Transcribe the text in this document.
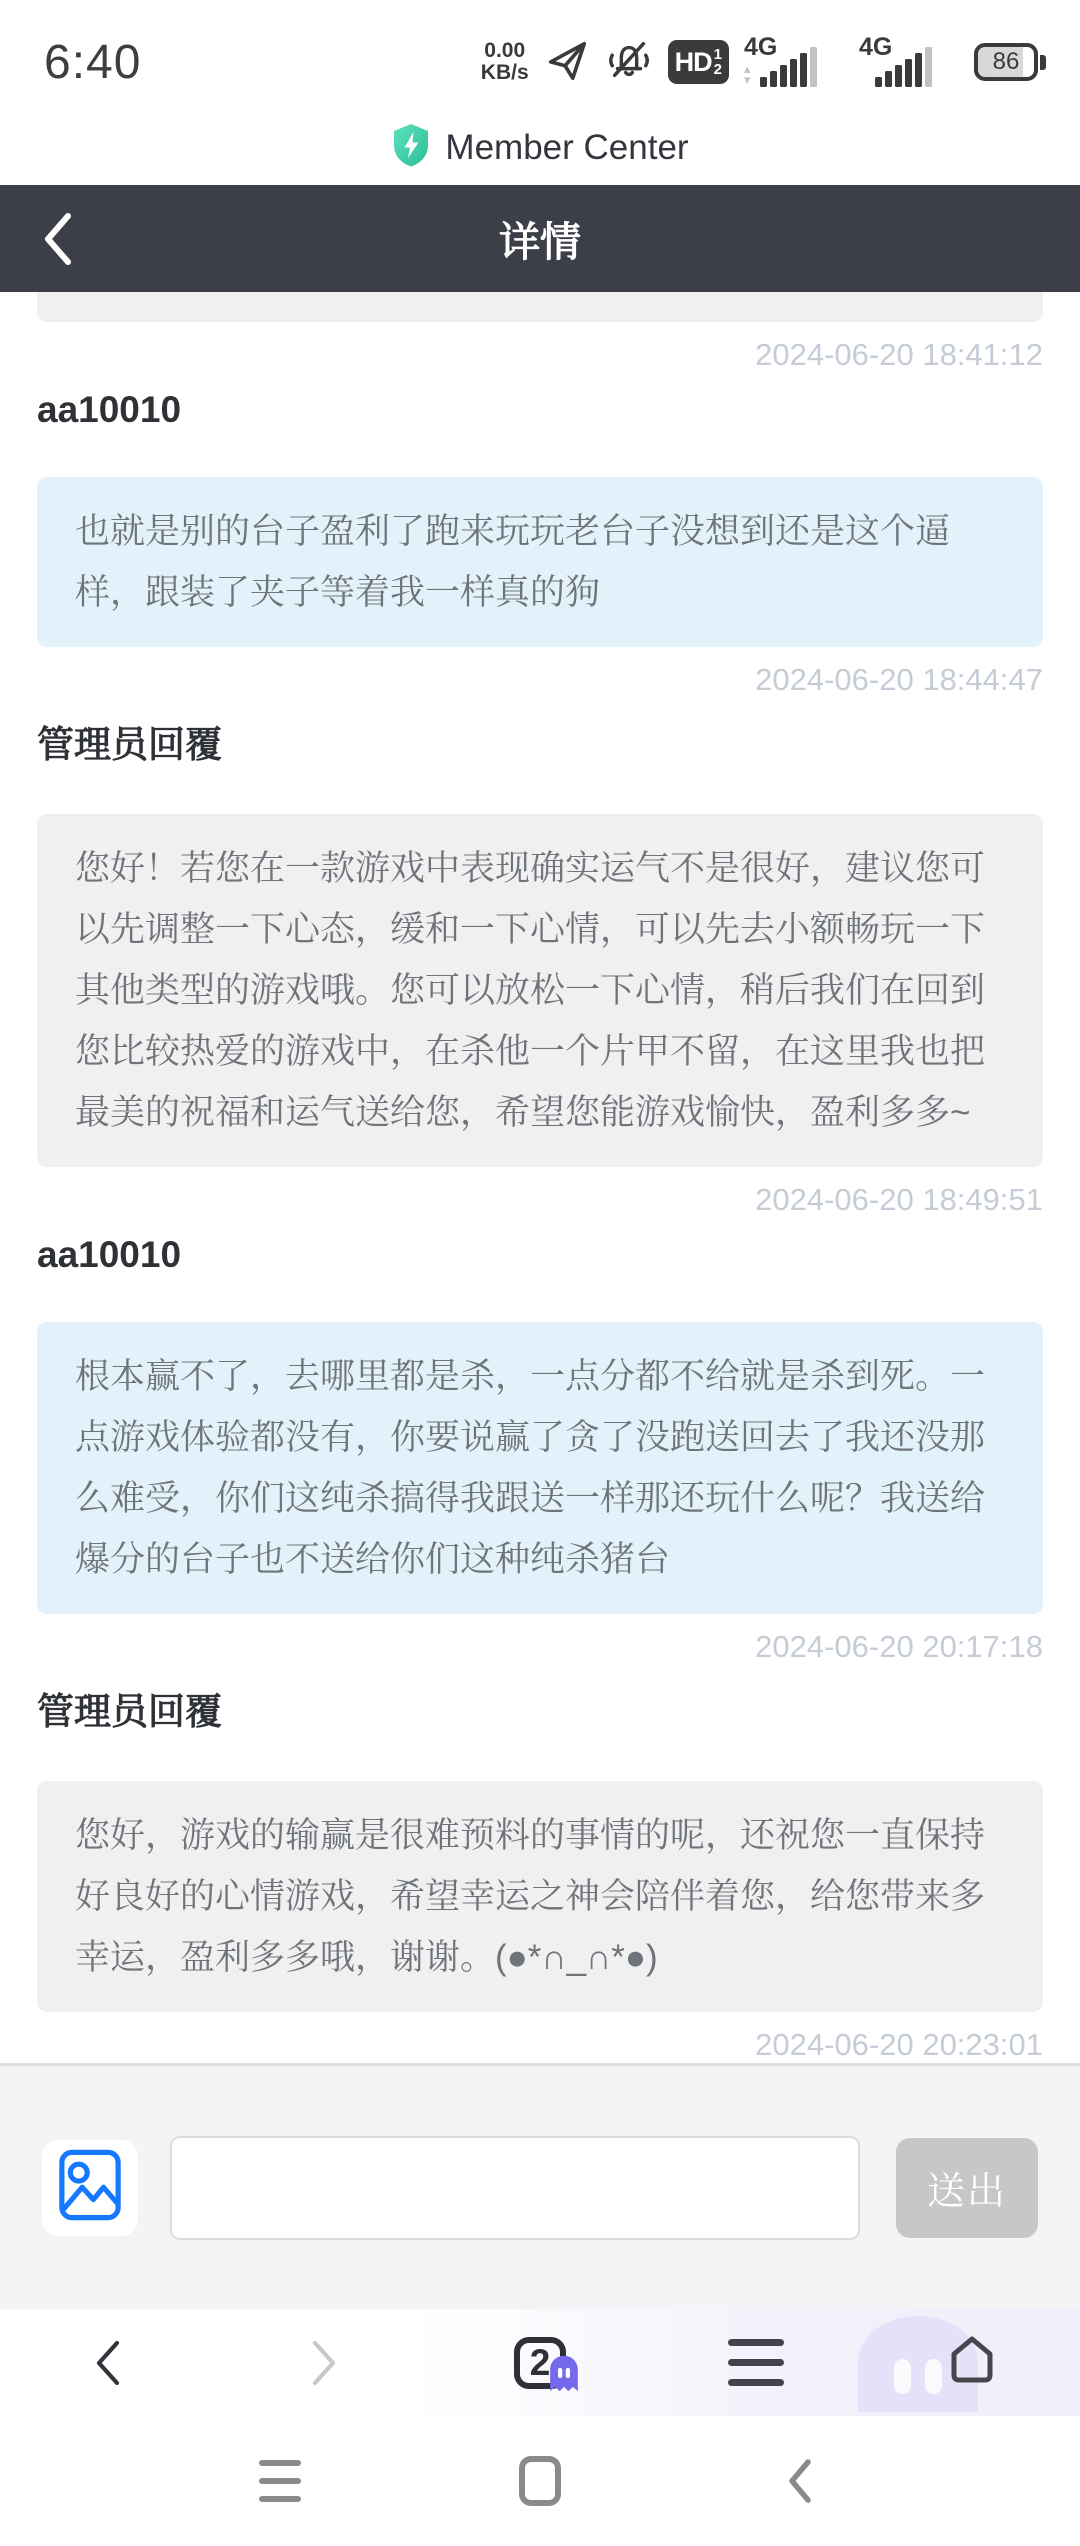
6:40	0.00
KB/s	HD 1
2
4G
▴
▾
4G
86
Member Center
详情
2024-06-20 18:41:12
aa10010
也就是别的台子盈利了跑来玩玩老台子没想到还是这个逼样，跟装了夹子等着我一样真的狗
2024-06-20 18:44:47
管理员回覆
您好！若您在一款游戏中表现确实运气不是很好，建议您可以先调整一下心态，缓和一下心情，可以先去小额畅玩一下其他类型的游戏哦。您可以放松一下心情，稍后我们在回到您比较热爱的游戏中，在杀他一个片甲不留，在这里我也把最美的祝福和运气送给您，希望您能游戏愉快，盈利多多~
2024-06-20 18:49:51
aa10010
根本赢不了，去哪里都是杀，一点分都不给就是杀到死。一点游戏体验都没有，你要说赢了贪了没跑送回去了我还没那么难受，你们这纯杀搞得我跟送一样那还玩什么呢？我送给爆分的台子也不送给你们这种纯杀猪台
2024-06-20 20:17:18
管理员回覆
您好，游戏的输赢是很难预料的事情的呢，还祝您一直保持好良好的心情游戏，希望幸运之神会陪伴着您，给您带来多幸运，盈利多多哦，谢谢。(●*∩_∩*●)
2024-06-20 20:23:01
送出
2
